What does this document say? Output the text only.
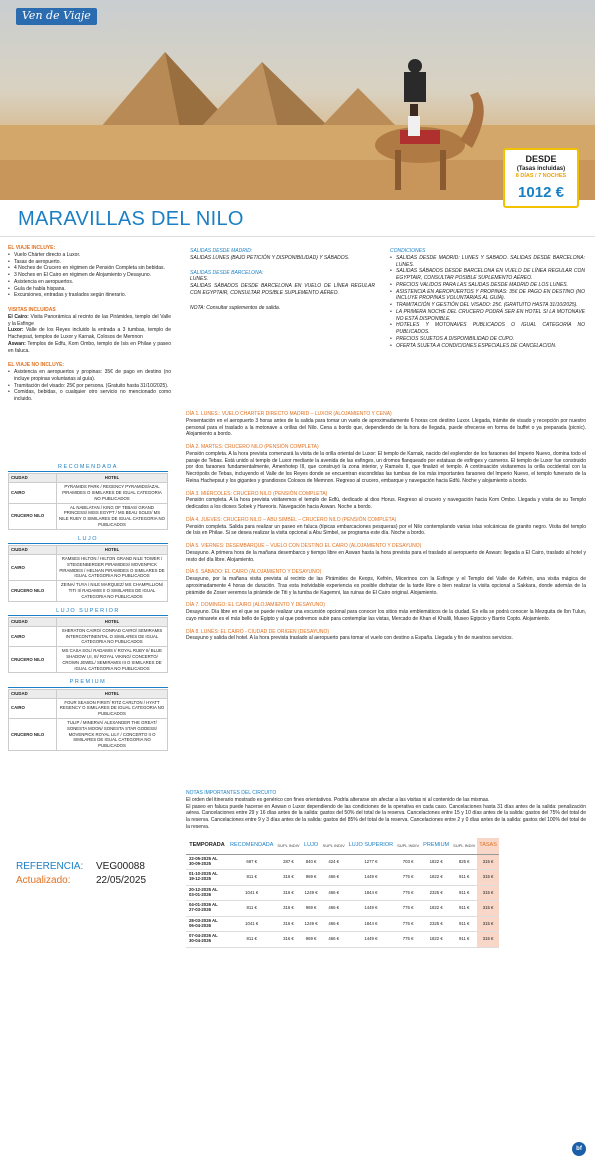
Ven de Viaje
DESDE
(Tasas incluidas)
8 DÍAS / 7 NOCHES
1012 €
MARAVILLAS DEL NILO
EL VIAJE INCLUYE:
• Vuelo Chárter directo a Luxor.
• Tasas de aeropuerto.
• 4 Noches de Crucero en régimen de Pensión Completa sin bebidas.
• 3 Noches en El Cairo en régimen de Alojamiento y Desayuno.
• Asistencia en aeropuertos.
• Guía de habla hispana.
• Excursiones, entradas y traslados según itinerario.
VISITAS INCLUIDAS
El Cairo: Visita Panorámica al recinto de las Pirámides, templo del Valle y la Esfinge
Luxor: Valle de los Reyes incluido la entrada a 3 tumbas, templo de Hachepsut, templos de Luxor y Karnak, Colosos de Memnon
Aswan: Templos de Edfu, Kom Ombo, templo de Isis en Philae y paseo en faluca.
EL VIAJE NO INCLUYE:
• Asistencia en aeropuertos y propinas: 35€ de pago en destino (no incluye propinas voluntarias al guía).
• Tramitación del visado: 25€ por persona. (Gratuito hasta 31/10/2025).
• Comidas, bebidas, o cualquier otro servicio no mencionado como incluido.
RECOMENDADA
CIUDAD	HOTEL
CAIRO	PYRAMIDS PARK / REGENCY PYRAMIDS/AZAL PIRAMIDES O SIMILARES DE IGUAL CATEGORIA NO PUBLICADOS
CRUCERO NILO	AL NABILATAN / KING OF TEBAS/ GRAND PRINCESS/ MISS EGYPT / MS BEAU SOLEI/ MS NILE RUBY O SIMILARES DE IGUAL CATEGORIA NO PUBLICADOS
LUJO
CIUDAD	HOTEL
CAIRO	RAMSES HILTON / HILTON GRAND NILE TOWER / STEIGENBERGER PIRAMIDES/ MOVENPICK PIRAMIDES / HELNAN PIRAMIDES O SIMILARES DE IGUAL CATEGORIA NO PUBLICADOS
CRUCERO NILO	ZEINA/ TUYA / NILE MARQUEZ/ MS CHAMPILLION/ TITI II/ RADAMIS II O SIMILARES DE IGUAL CATEGORIA NO PUBLICADOS
LUJO SUPERIOR
CIUDAD	HOTEL
CAIRO	SHERATON CAIRO/ CONRAD CAIRO/ SEMIRAMIS INTERCONTINENTAL O SIMILARES DE IGUAL CATEGORIA NO PUBLICADOS
CRUCERO NILO	MS CASA SOL/ RADAMIS I/ ROYAL RUBY II/ BLUE SHADOW I,II, III/ ROYAL VIKING/ CONCERTO/ CROWN JEWEL/ SEMIRAMIS III O SIMILARES DE IGUAL CATEGORIA NO PUBLICADOS
PREMIUM
CIUDAD	HOTEL
CAIRO	FOUR SEASON FIRST/ RITZ CARLTON / HYATT REGENCY O SIMILARES DE IGUAL CATEGORIA NO PUBLICADOS
CRUCERO NILO	TULIP / MINERVA/ ALEXANDER THE GREAT/ SONESTA MOON/ SONESTA STAR GODESS/ MOVENPICK ROYAL LILY / CONCERTO II O SIMILARES DE IGUAL CATEGORIA NO PUBLICADOS
SALIDAS DESDE MADRID:
SALIDAS LUNES (BAJO PETICIÓN Y DISPONIBILIDAD) Y SÁBADOS.
SALIDAS DESDE BARCELONA:
LUNES.
SALIDAS SÁBADOS DESDE BARCELONA EN VUELO DE LÍNEA REGULAR CON EGYPTAIR, CONSULTAR POSIBLE SUPLEMENTO AÉREO.
NOTA: Consultar suplementos de salida.
CONDICIONES
• SALIDAS DESDE MADRID: LUNES Y SABADO. SALIDAS DESDE BARCELONA: LUNES.
• SALIDAS SÁBADOS DESDE BARCELONA EN VUELO DE LÍNEA REGULAR CON EGYPTAIR, CONSULTAR POSIBLE SUPLEMENTO AÉREO.
• PRECIOS VALIDOS PARA LAS SALIDAS DESDE MADRID DE LOS LUNES.
• ASISTENCIA EN AEROPUERTOS Y PROPINAS: 35€ DE PAGO EN DESTINO (NO INCLUYE PROPINAS VOLUNTARIAS AL GUÍA).
• TRAMITACIÓN Y GESTIÓN DEL VISADO: 25€. (GRATUITO HASTA 31/10/2025).
• LA PRIMERA NOCHE DEL CRUCERO PODRÁ SER EN HOTEL SI LA MOTONAVE NO ESTÁ DISPONIBLE.
• HOTELES Y MOTONAVES PUBLICADOS O IGUAL CATEGORÍA NO PUBLICADOS.
• PRECIOS SUJETOS A DISPONIBILIDAD DE CUPO.
• OFERTA SUJETA A CONDICIONES ESPECIALES DE CANCELACION.
DÍA 1. LUNES.: VUELO CHARTER DIRECTO MADRID – LUXOR (ALOJAMIENTO Y CENA)

Presentación en el aeropuerto 3 horas antes de la salida para tomar un vuelo de aproximadamente 6 horas con destino Luxor. Llegada, trámite de visado y recepción por nuestro personal para el traslado a la motonave a orillas del Nilo. Cena a bordo que, dependiendo de la hora de llegada, puede ofrecerse en forma de buffet o ya preparada (picnic). Alojamiento a bordo.

DÍA 2. MARTES: CRUCERO NILO (PENSIÓN COMPLETA)

Pensión completa. A la hora prevista comenzará la visita de la orilla oriental de Luxor: El templo de Karnak, nacido del esplendor de los faraones del Imperio Nuevo, domina todo el paraje de Tebas. Está unido al templo de Luxor mediante la avenida de las esfinges, un dromos flanqueado por estatuas de esfinges y carneros. El templo de Luxor fue construido por dos faraones fundamentalmente, Amenhotep III, que construyó la zona interior, y Ramsés II, que finalizó el templo. A continuación visitaremos la orilla occidental con la Necrópolis de Tebas, incluyendo el Valle de los Reyes donde se encuentran escondidas las tumbas de los más importantes faraones del Imperio Nuevo, el templo funerario de la Reina Hachepsut y los gigantes y grandiosos Colosos de Memnon. Regreso al crucero, embarque y navegación hacia Edfú. Noche y alojamiento a bordo.

DÍA 3. MIÉRCOLES: CRUCERO NILO (PENSIÓN COMPLETA)

Pensión completa. A la hora prevista visitaremos el templo de Edfú, dedicado al dios Horus. Regreso al crucero y navegación hacia Kom Ombo. Llegada y visita de su Templo dedicados a los dioses Sobek y Hareoris. Navegación hacia Aswan. Noche a bordo.

DÍA 4. JUEVES: CRUCERO NILO – ABU SIMBEL – CRUCERO NILO (PENSIÓN COMPLETA)

Pensión completa. Salida para realizar un paseo en faluca (típicas embarcaciones pesqueras) por el Nilo contemplando varias islas volcánicas de granito negro. Visita del templo de Isis en Philae. Si se desea realizar la visita opcional a Abu Simbel, se programa este día. Noche a bordo.

DÍA 5. VIERNES: DESEMBARQUE – VUELO CON DESTINO EL CAIRO (ALOJAMIENTO Y DESAYUNO)

Desayuno. A primera hora de la mañana desembarco y tiempo libre en Aswan hasta la hora prevista para el traslado al aeropuerto de Aswan: llegada a El Cairo, traslado al hotel y resto del día libre. Alojamiento.

DÍA 6. SÁBADO: EL CAIRO (ALOJAMIENTO Y DESAYUNO)

Desayuno, por la mañana visita prevista al recinto de las Pirámides de Keops, Kefrén, Micerinos con la Esfinge y el Templo del Valle de Kefrén, una visita mágica de aproximadamente 4 horas de duración. Tras esta inolvidable experiencia es posible disfrutar de la tarde libre o bien realizar la visita opcional a Sakkara, donde además de la pirámide de Zoser veremos la pirámide de Titi y la tumba de Kagemni, las ruinas de El Cairo original. Alojamiento.

DÍA 7. DOMINGO: EL CAIRO (ALOJAMIENTO Y DESAYUNO)

Desayuno. Día libre en el que se puede realizar una excursión opcional para conocer los sitios más emblemáticos de la ciudad. En ella se podrá conocer la Mezquita de Ibn Tulun, cuyo minarete es el más bello de Egipto y al que podremos subir para contemplar las vistas, Mercado de Khan el Khalili, Museo Egipcio y Barrio Copto. Alojamiento.

DÍA 8. LUNES: EL CAIRO - CIUDAD DE ORIGEN (DESAYUNO)

Desayuno y salida del hotel. A la hora prevista traslado al aeropuerto para tomar el vuelo con destino a España. Llegada y fin de nuestros servicios.

NOTAS IMPORTANTES DEL CIRCUITO

El orden del itinerario mostrado es genérico con fines orientativos. Podría alterarse sin afectar a las visitas ni al contenido de las mismas.

El paseo en faluca puede hacerse en Aswan o Luxor dependiendo de las condiciones de la operativa en cada caso. Cancelaciones hasta 31 días antes de la salida: penalización aérea. Cancelaciones entre 29 y 16 días antes de la salida: gastos del 50% del total de la reserva. Cancelaciones entre 15 y 10 días antes de la salida: gastos del 75% del total de la reserva. Cancelaciones entre 9 y 3 días antes de la salida: gastos del 85% del total de la reserva. Cancelaciones entre 2 y 0 días antes de la salida: gastos del 100% del total de la reserva.

REFERENCIA: VEG00088
Actualizado:	22/05/2025
TEMPORADA	RECOMENDADA	SUPL INDIV	LUJO	SUPL INDIV	LUJO SUPERIOR	SUPL INDIV	PREMIUM	SUPL INDIV	TASAS
22-05-2025 AL 30-09-2025	697 €	287 €	840 €	424 €	1277 €	703 €	1822 €	825 €	315 €
01-10-2025 AL 19-12-2025	811 €	316 €	969 €	466 €	1449 €	775 €	1822 €	911 €	315 €
20-12-2025 AL 03-01-2026	1041 €	316 €	1249 €	466 €	1844 €	775 €	2325 €	911 €	315 €
04-01-2026 AL 27-03-2026	811 €	316 €	969 €	466 €	1449 €	775 €	1822 €	911 €	315 €
28-03-2026 AL 06-04-2026	1041 €	316 €	1249 €	466 €	1844 €	775 €	2325 €	911 €	315 €
07-04-2026 AL 30-04-2026	811 €	316 €	969 €	466 €	1449 €	775 €	1822 €	911 €	315 €
bf
